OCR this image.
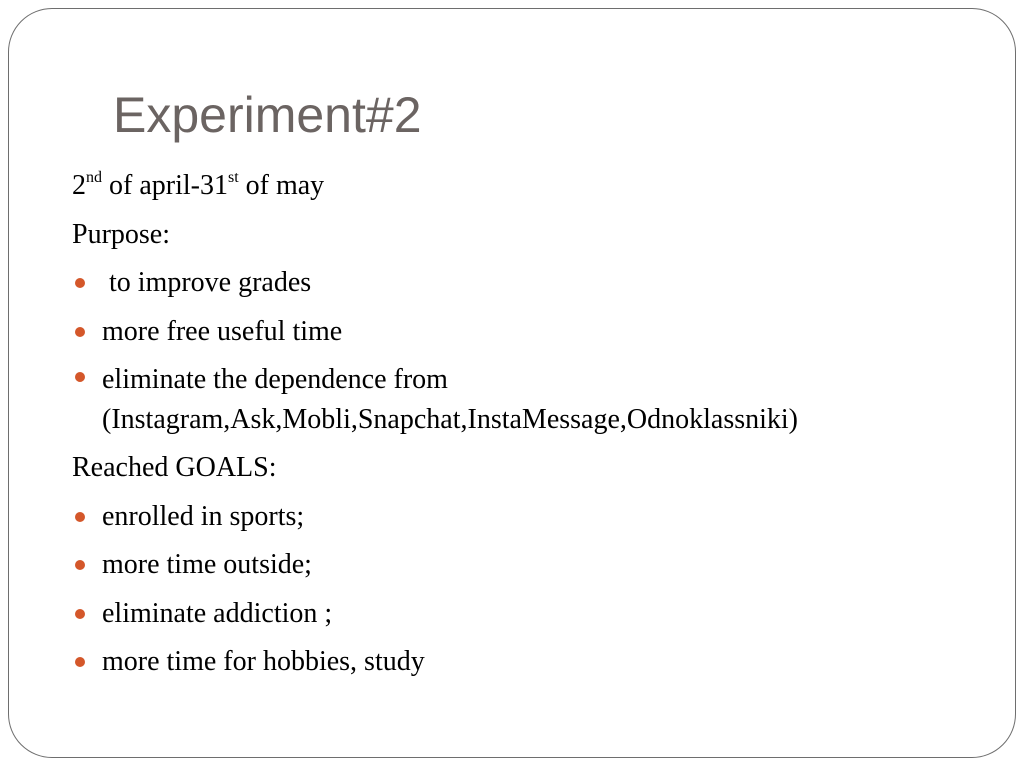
Experiment#2
2nd of april-31st of may
Purpose:
to improve grades
more free useful time
eliminate the dependence from
(Instagram,Ask,Mobli,Snapchat,InstaMessage,Odnoklassniki)
Reached GOALS:
enrolled in sports;
more time outside;
eliminate addiction ;
more time for hobbies, study
